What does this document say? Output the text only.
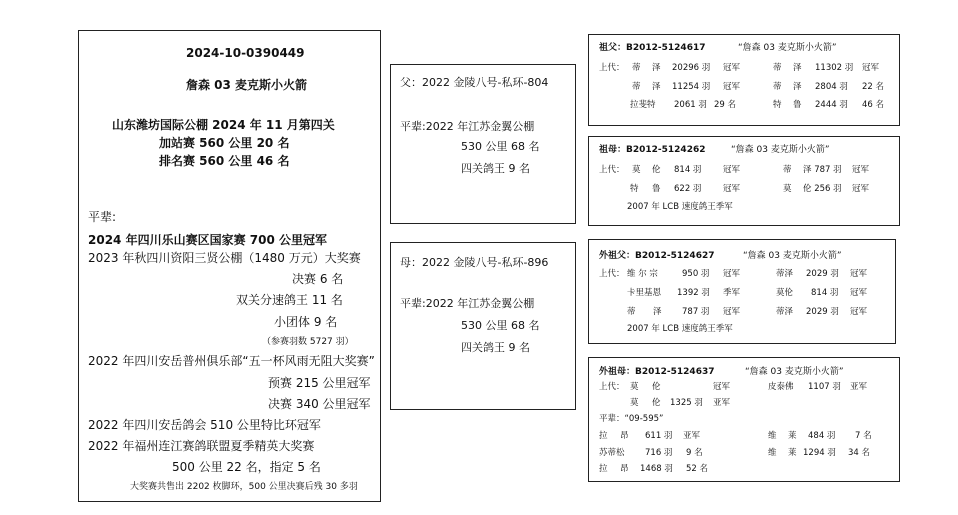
2024-10-0390449
詹森 03 麦克斯小火箭
山东潍坊国际公棚 2024 年 11 月第四关
加站赛 560 公里 20 名
排名赛 560 公里 46 名
平辈:
2024 年四川乐山赛区国家赛 700 公里冠军
2023 年秋四川资阳三贤公棚（1480 万元）大奖赛
决赛 6 名
双关分速鸽王 11 名
小团体 9 名
（参赛羽数 5727 羽）
2022 年四川安岳普州俱乐部“五一杯风雨无阻大奖赛”
预赛 215 公里冠军
决赛 340 公里冠军
2022 年四川安岳鸽会 510 公里特比环冠军
2022 年福州连江赛鸽联盟夏季精英大奖赛
500 公里 22 名，指定 5 名
大奖赛共售出 2202 枚脚环，500 公里决赛后残 30 多羽
父：2022 金陵八号-私环-804
平辈:2022 年江苏金翼公棚
530 公里 68 名
四关鸽王 9 名
母：2022 金陵八号-私环-896
平辈:2022 年江苏金翼公棚
530 公里 68 名
四关鸽王 9 名
祖父：B2012-5124617	“詹森 03 麦克斯小火箭”
上代： 蒂 泽 20296 羽 冠军	蒂 泽 11302 羽 冠军
蒂 泽 11254 羽 冠军	蒂 泽 2804 羽 22 名
拉斐特 2061 羽 29 名	特 鲁 2444 羽 46 名
祖母：B2012-5124262	“詹森 03 麦克斯小火箭”
上代： 莫 伦 814 羽	冠军	蒂 泽 787 羽 冠军
特 鲁 622 羽	冠军	莫 伦 256 羽 冠军
2007 年 LCB 速度鸽王季军
外祖父：B2012-5124627	“詹森 03 麦克斯小火箭”
上代： 维 尔 宗	950 羽 冠军	蒂泽 2029 羽 冠军
卡里基恩 1392 羽 季军	莫伦 814 羽 冠军
蒂 泽 787 羽 冠军	蒂泽 2029 羽 冠军
2007 年 LCB 速度鸽王季军
外祖母：B2012-5124637	“詹森 03 麦克斯小火箭”
上代： 莫 伦	冠军	皮泰佛 1107 羽 亚军
莫 伦 1325 羽 亚军
平辈：“09-595”
拉 昂 611 羽 亚军	维 莱 484 羽 7 名
苏蒂松 716 羽 9 名	维 莱 1294 羽 34 名
拉 昂 1468 羽 52 名
